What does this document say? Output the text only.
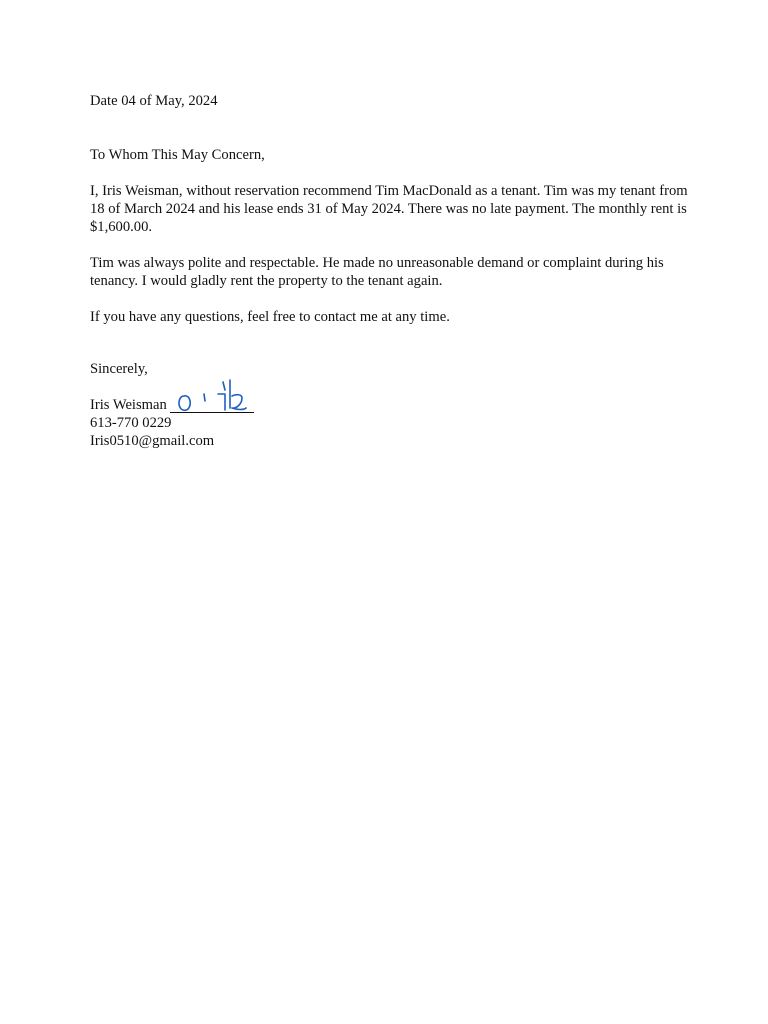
Date 04 of May, 2024
To Whom This May Concern,
I, Iris Weisman, without reservation recommend Tim MacDonald as a tenant. Tim was my tenant from 18 of March 2024 and his lease ends 31 of May 2024. There was no late payment. The monthly rent is $1,600.00.
Tim was always polite and respectable. He made no unreasonable demand or complaint during his tenancy. I would gladly rent the property to the tenant again.
If you have any questions, feel free to contact me at any time.
Sincerely,
Iris Weisman
613-770 0229
Iris0510@gmail.com
